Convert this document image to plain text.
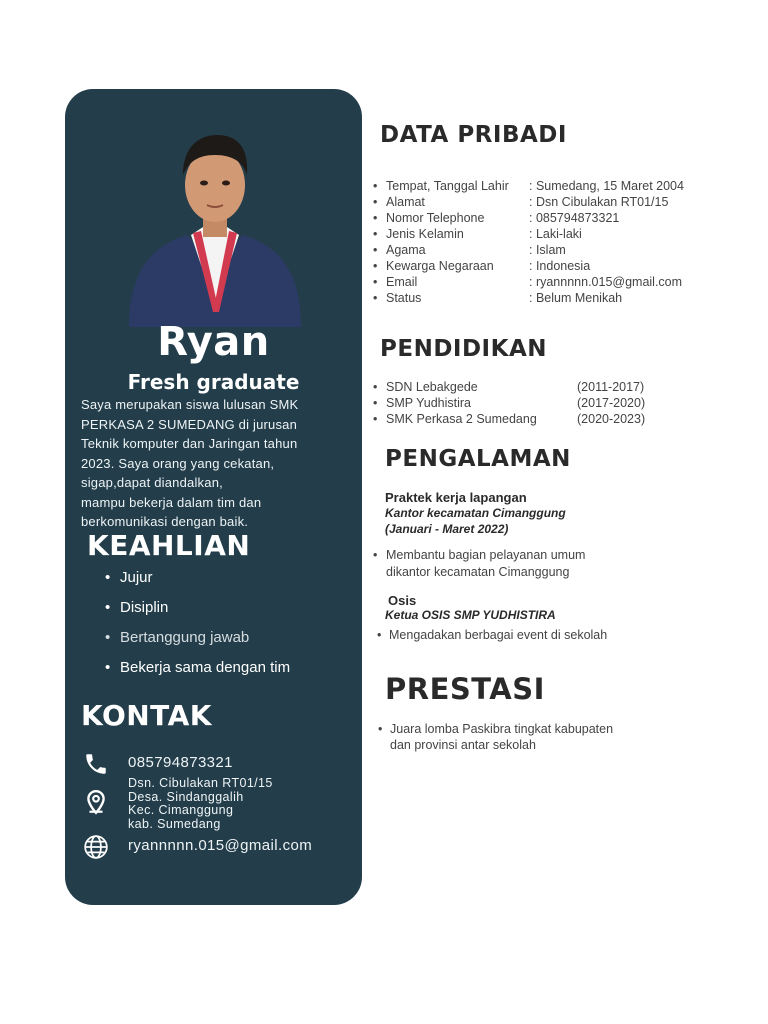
Ryan
Fresh graduate
Saya merupakan siswa lulusan SMK
PERKASA 2 SUMEDANG di jurusan
Teknik komputer dan Jaringan tahun
2023. Saya orang yang cekatan,
sigap,dapat diandalkan,
mampu bekerja dalam tim dan
berkomunikasi dengan baik.
KEAHLIAN
• Jujur
• Disiplin
• Bertanggung jawab
• Bekerja sama dengan tim
KONTAK
085794873321
Dsn. Cibulakan RT01/15
Desa. Sindanggalih
Kec. Cimanggung
kab. Sumedang
ryannnnn.015@gmail.com
DATA PRIBADI
• Tempat, Tanggal Lahir : Sumedang, 15 Maret 2004
• Alamat	: Dsn Cibulakan RT01/15
• Nomor Telephone	: 085794873321
• Jenis Kelamin	: Laki-laki
• Agama	: Islam
• Kewarga Negaraan	: Indonesia
• Email	: ryannnnn.015@gmail.com
• Status	: Belum Menikah
PENDIDIKAN
• SDN Lebakgede	(2011-2017)
• SMP Yudhistira	(2017-2020)
• SMK Perkasa 2 Sumedang	(2020-2023)
PENGALAMAN
Praktek kerja lapangan
Kantor kecamatan Cimanggung
(Januari - Maret 2022)
• Membantu bagian pelayanan umum
dikantor kecamatan Cimanggung
Osis
Ketua OSIS SMP YUDHISTIRA
• Mengadakan berbagai event di sekolah
PRESTASI
• Juara lomba Paskibra tingkat kabupaten
dan provinsi antar sekolah
